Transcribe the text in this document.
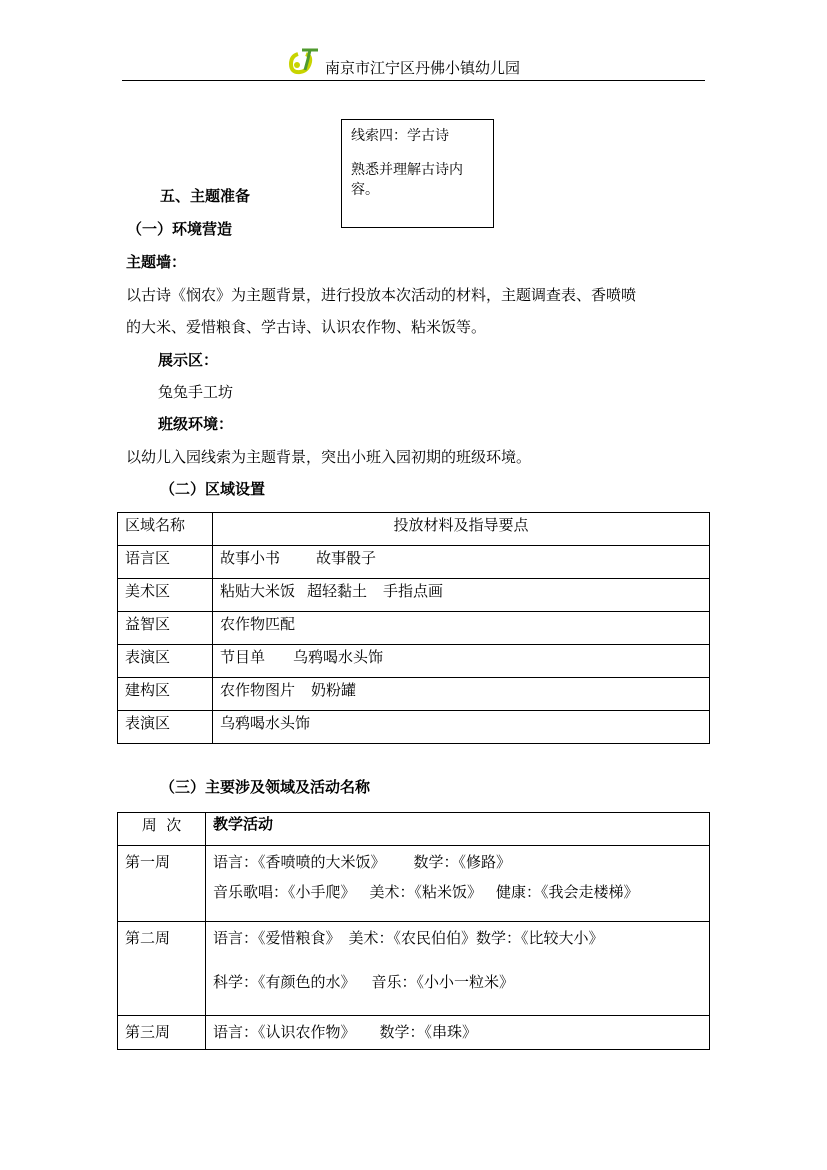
南京市江宁区丹佛小镇幼儿园
线索四：学古诗
熟悉并理解古诗内容。
五、主题准备
（一）环境营造
主题墙：
以古诗《悯农》为主题背景，进行投放本次活动的材料，主题调查表、香喷喷
的大米、爱惜粮食、学古诗、认识农作物、粘米饭等。
展示区：
兔兔手工坊
班级环境：
以幼儿入园线索为主题背景，突出小班入园初期的班级环境。
（二）区域设置
区域名称	投放材料及指导要点
语言区	故事小书 故事骰子
美术区	粘贴大米饭 超轻黏土 手指点画
益智区	农作物匹配
表演区	节目单 乌鸦喝水头饰
建构区	农作物图片 奶粉罐
表演区	乌鸦喝水头饰
（三）主要涉及领域及活动名称
周  次	教学活动
第一周	语言：《香喷喷的大米饭》 数学：《修路》
音乐歌唱：《小手爬》 美术：《粘米饭》 健康：《我会走楼梯》

第二周	语言：《爱惜粮食》 美术：《农民伯伯》数学：《比较大小》
科学：《有颜色的水》 音乐：《小小一粒米》

第三周	语言：《认识农作物》 数学：《串珠》
